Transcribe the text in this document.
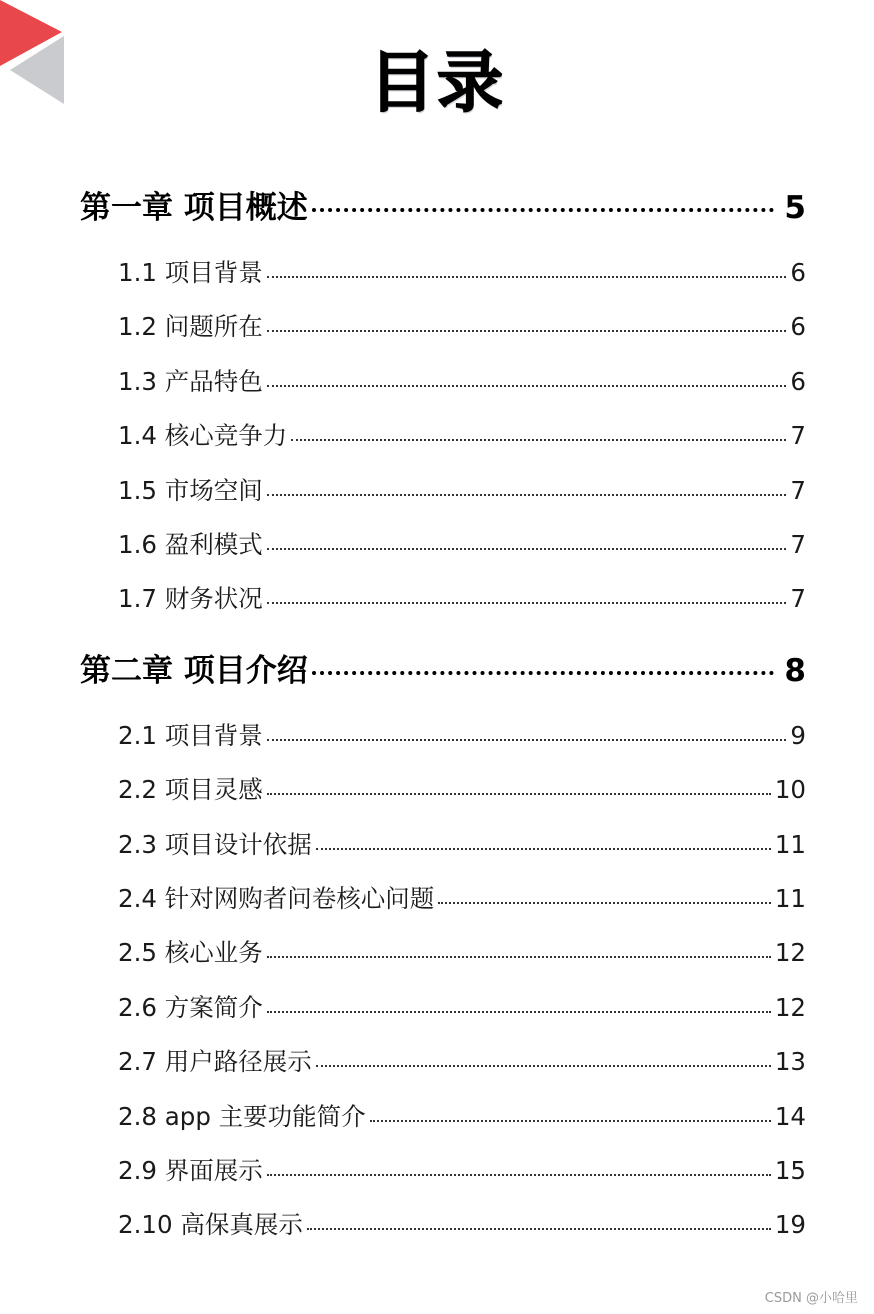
目录
第一章 项目概述	5
1.1 项目背景	6
1.2 问题所在	6
1.3 产品特色	6
1.4 核心竞争力	7
1.5 市场空间	7
1.6 盈利模式	7
1.7 财务状况	7
第二章 项目介绍	8
2.1 项目背景	9
2.2 项目灵感	10
2.3 项目设计依据	11
2.4 针对网购者问卷核心问题	11
2.5 核心业务	12
2.6 方案简介	12
2.7 用户路径展示	13
2.8 app 主要功能简介	14
2.9 界面展示	15
2.10 高保真展示	19
CSDN @小哈里
